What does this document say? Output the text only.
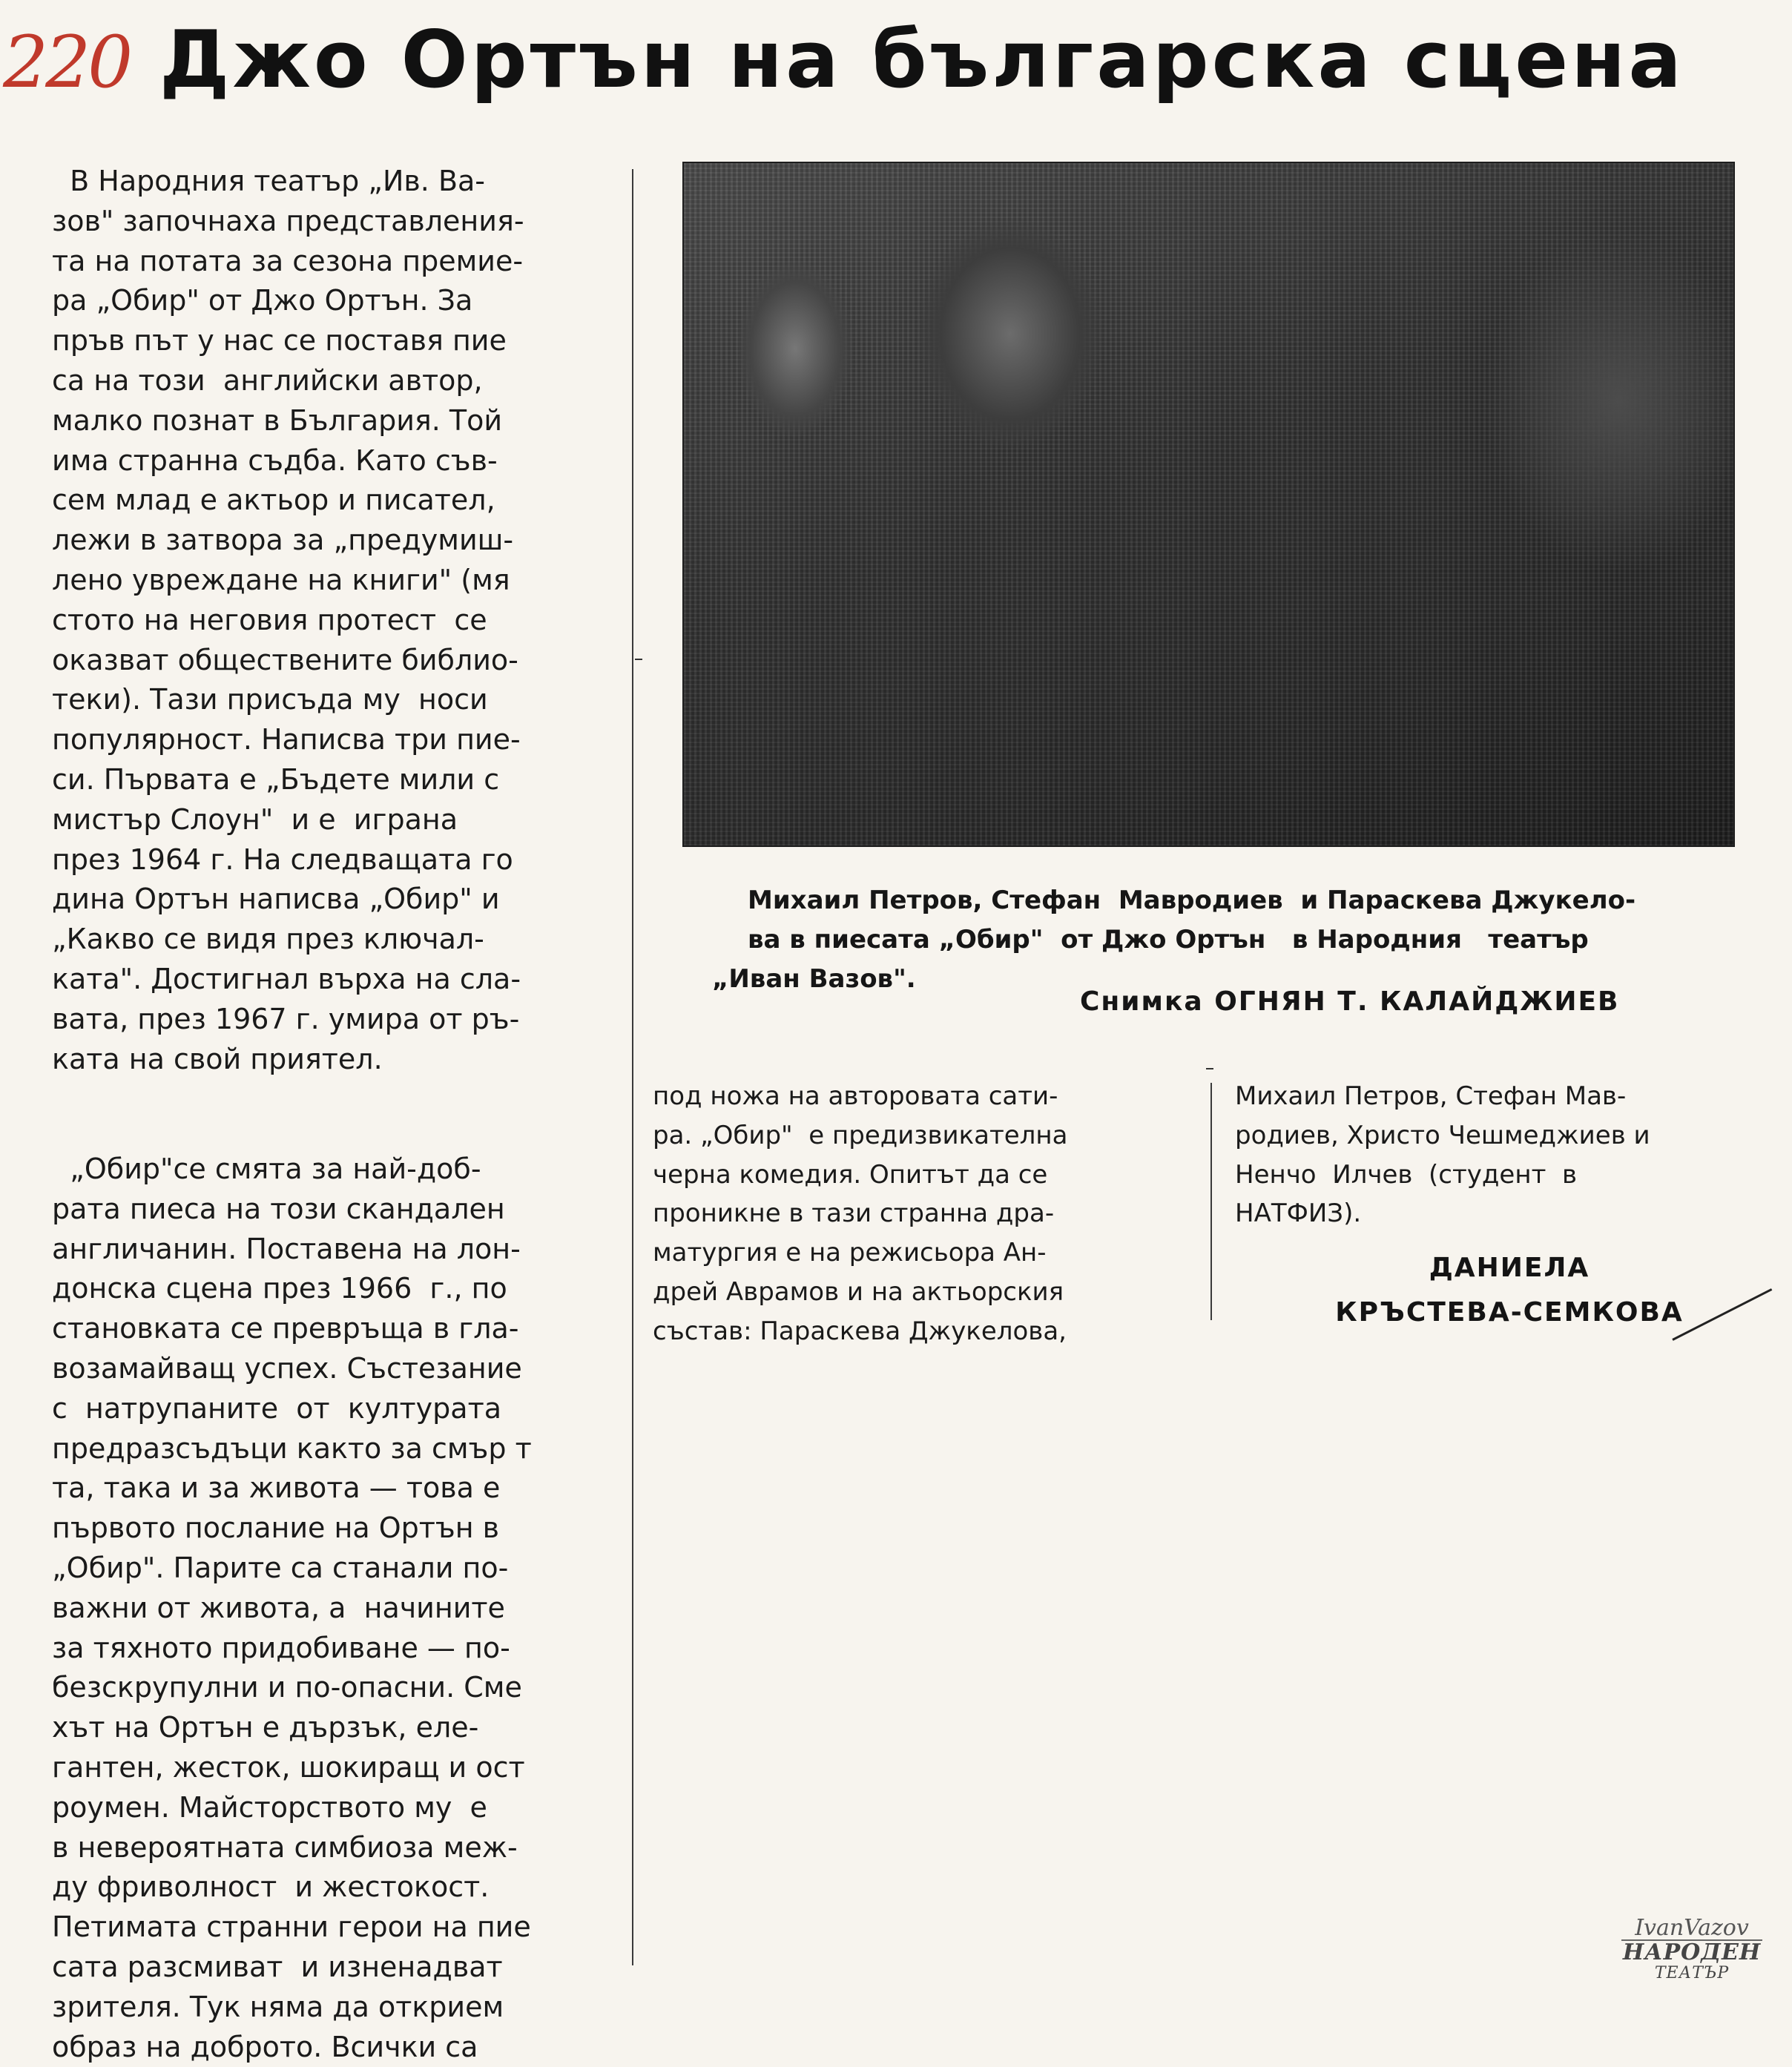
220 Джо Ортън на българска сцена

В Народния театър „Ив. Ва-
зов" започнаха представления-
та на потата за сезона премие-
ра „Обир" от Джо Ортън. За
пръв път у нас се поставя пие
са на този  английски автор,
малко познат в България. Той
има странна съдба. Като съв-
сем млад е актьор и писател,
лежи в затвора за „предумиш-
лено увреждане на книги" (мя
стото на неговия протест  се
оказват обществените библио-
теки). Тази присъда му  носи
популярност. Написва три пие-
си. Първата е „Бъдете мили с
мистър Слоун"  и е  играна
през 1964 г. На следващата го
дина Ортън написва „Обир" и
„Какво се видя през ключал-
ката". Достигнал върха на сла-
вата, през 1967 г. умира от ръ-
ката на свой приятел.

„Обир"се смята за най-доб-
рата пиеса на този скандален
англичанин. Поставена на лон-
донска сцена през 1966  г., по
становката се превръща в гла-
возамайващ успех. Състезание
с  натрупаните  от  културата
предразсъдъци както за смър т
та, така и за живота — това е
първото послание на Ортън в
„Обир". Парите са станали по-
важни от живота, а  начините
за тяхното придобиване — по-
безскрупулни и по-опасни. Сме
хът на Ортън е дързък, еле-
гантен, жесток, шокиращ и ост
роумен. Майсторството му  е
в невероятната симбиоза меж-
ду фриволност  и жестокост.
Петимата странни герои на пие
сата разсмиват  и изненадват
зрителя. Тук няма да открием
образ на доброто. Всички са

Михаил Петров, Стефан  Мавродиев  и Параскева Джукело-

ва в пиесата „Обир"  от Джо Ортън   в Народния   театър

„Иван Вазов".

Снимка ОГНЯН Т. КАЛАЙДЖИЕВ

под ножа на авторовата сати-
ра. „Обир"  е предизвикателна
черна комедия. Опитът да се
проникне в тази странна дра-
матургия е на режисьора Ан-
дрей Аврамов и на актьорския
състав: Параскева Джукелова,

Михаил Петров, Стефан Мав-
родиев, Христо Чешмеджиев и
Ненчо  Илчев  (студент  в
НАТФИЗ).

ДАНИЕЛА
КРЪСТЕВА-СЕМКОВА
IvanVazov
НАРОДЕН
ТЕАТЪР
